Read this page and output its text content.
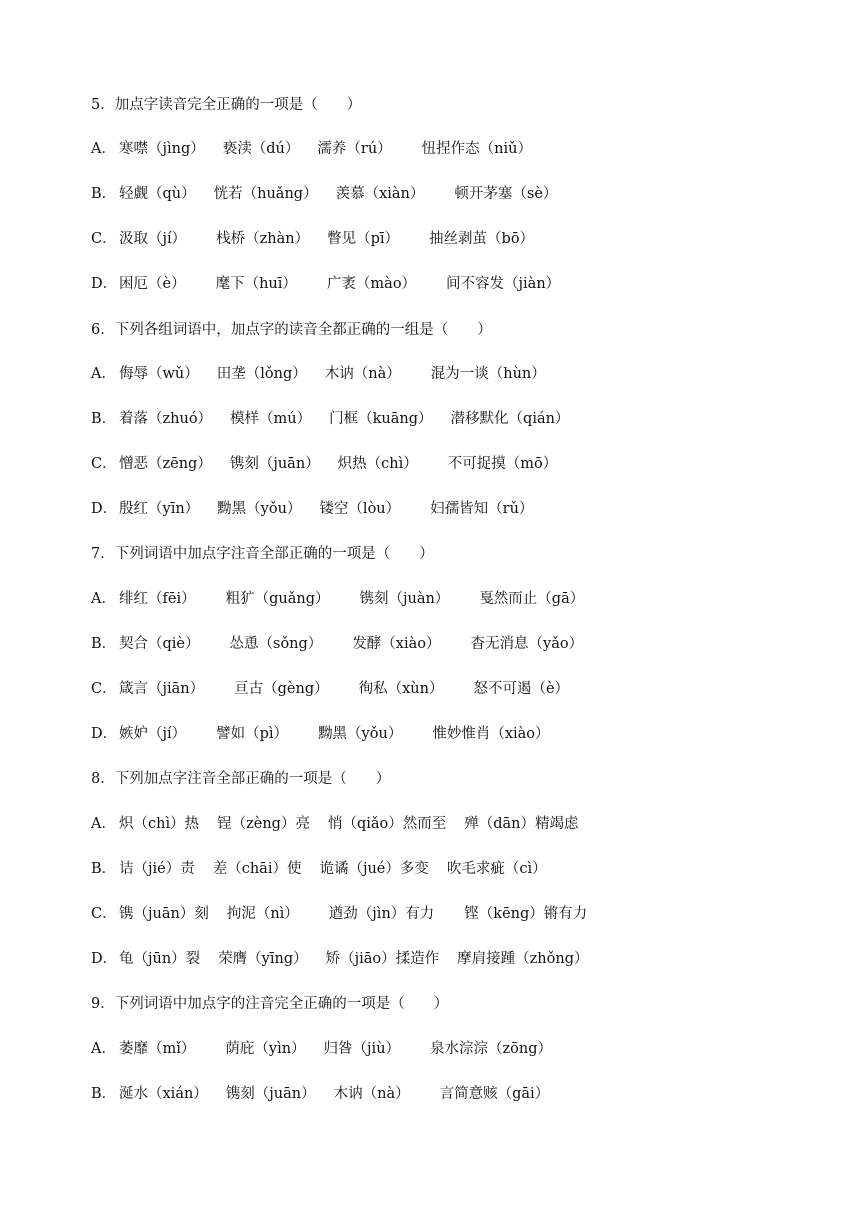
5．加点字读音完全正确的一项是（　　）
A． 寒噤（jìng） 亵渎（dú） 濡养（rú） 忸捏作态（niǔ）
B． 轻觑（qù） 恍若（huǎng） 羡慕（xiàn） 顿开茅塞（sè）
C． 汲取（jí） 栈桥（zhàn） 瞥见（pī） 抽丝剥茧（bō）
D． 困厄（è） 麾下（huī） 广袤（mào） 间不容发（jiàn）
6．下列各组词语中，加点字的读音全都正确的一组是（　　）
A． 侮辱（wǔ） 田垄（lǒng） 木讷（nà） 混为一谈（hùn）
B． 着落（zhuó） 模样（mú） 门框（kuāng） 潜移默化（qián）
C． 憎恶（zēng） 镌刻（juān） 炽热（chì） 不可捉摸（mō）
D． 殷红（yīn） 黝黑（yǒu） 镂空（lòu） 妇孺皆知（rǔ）
7．下列词语中加点字注音全部正确的一项是（　　）
A． 绯红（fēi） 粗犷（guǎng） 镌刻（juàn） 戛然而止（gā）
B． 契合（qiè） 怂恿（sǒng） 发酵（xiào） 杳无消息（yǎo）
C． 箴言（jiān） 亘古（gèng） 徇私（xùn） 怒不可遏（è）
D． 嫉妒（jí） 譬如（pì） 黝黑（yǒu） 惟妙惟肖（xiào）
8．下列加点字注音全部正确的一项是（　　）
A． 炽（chì）热 锃（zèng）亮 悄（qiǎo）然而至 殚（dān）精竭虑
B． 诘（jié）责 差（chāi）使 诡谲（jué）多变 吹毛求疵（cì）
C． 镌（juān）刻 拘泥（nì） 遒劲（jìn）有力 铿（kēng）锵有力
D． 龟（jūn）裂 荣膺（yīng） 矫（jiāo）揉造作 摩肩接踵（zhǒng）
9．下列词语中加点字的注音完全正确的一项是（　　）
A． 萎靡（mǐ） 荫庇（yìn） 归咎（jiù） 泉水淙淙（zōng）
B． 涎水（xián） 镌刻（juān） 木讷（nà） 言简意赅（gāi）
